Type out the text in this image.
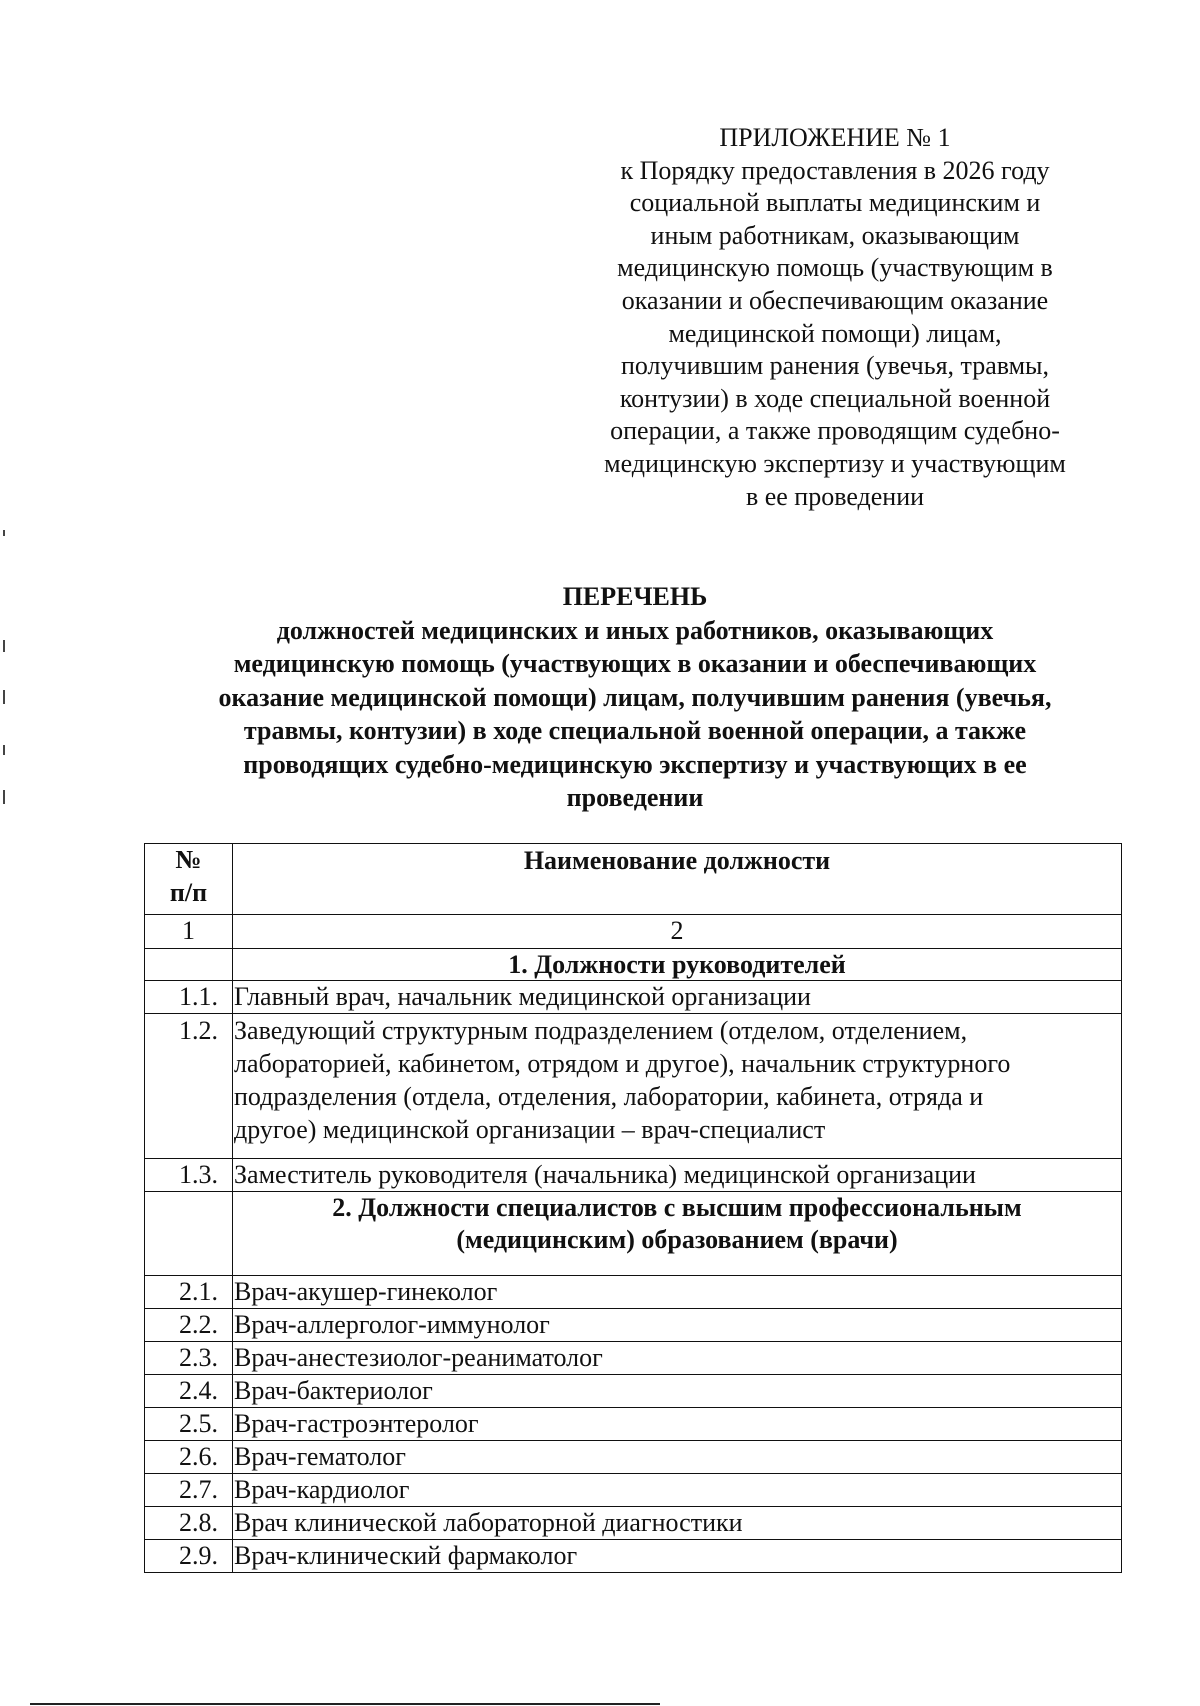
ПРИЛОЖЕНИЕ № 1
к Порядку предоставления в 2026 году
социальной выплаты медицинским и
иным работникам, оказывающим
медицинскую помощь (участвующим в
оказании и обеспечивающим оказание
медицинской помощи) лицам,
получившим ранения (увечья, травмы,
контузии) в ходе специальной военной
операции, а также проводящим судебно-
медицинскую экспертизу и участвующим
в ее проведении
ПЕРЕЧЕНЬ
должностей медицинских и иных работников, оказывающих
медицинскую помощь (участвующих в оказании и обеспечивающих
оказание медицинской помощи) лицам, получившим ранения (увечья,
травмы, контузии) в ходе специальной военной операции, а также
проводящих судебно-медицинскую экспертизу и участвующих в ее
проведении
№
п/п	Наименование должности
1	2
	1. Должности руководителей
1.1.	Главный врач, начальник медицинской организации
1.2.	Заведующий структурным подразделением (отделом, отделением,
лабораторией, кабинетом, отрядом и другое), начальник структурного
подразделения (отдела, отделения, лаборатории, кабинета, отряда и
другое) медицинской организации – врач-специалист

1.3.	Заместитель руководителя (начальника) медицинской организации

	2. Должности специалистов с высшим профессиональным
(медицинским) образованием (врачи)

2.1.	Врач-акушер-гинеколог
2.2.	Врач-аллерголог-иммунолог
2.3.	Врач-анестезиолог-реаниматолог
2.4.	Врач-бактериолог
2.5.	Врач-гастроэнтеролог
2.6.	Врач-гематолог
2.7.	Врач-кардиолог
2.8.	Врач клинической лабораторной диагностики
2.9.	Врач-клинический фармаколог
